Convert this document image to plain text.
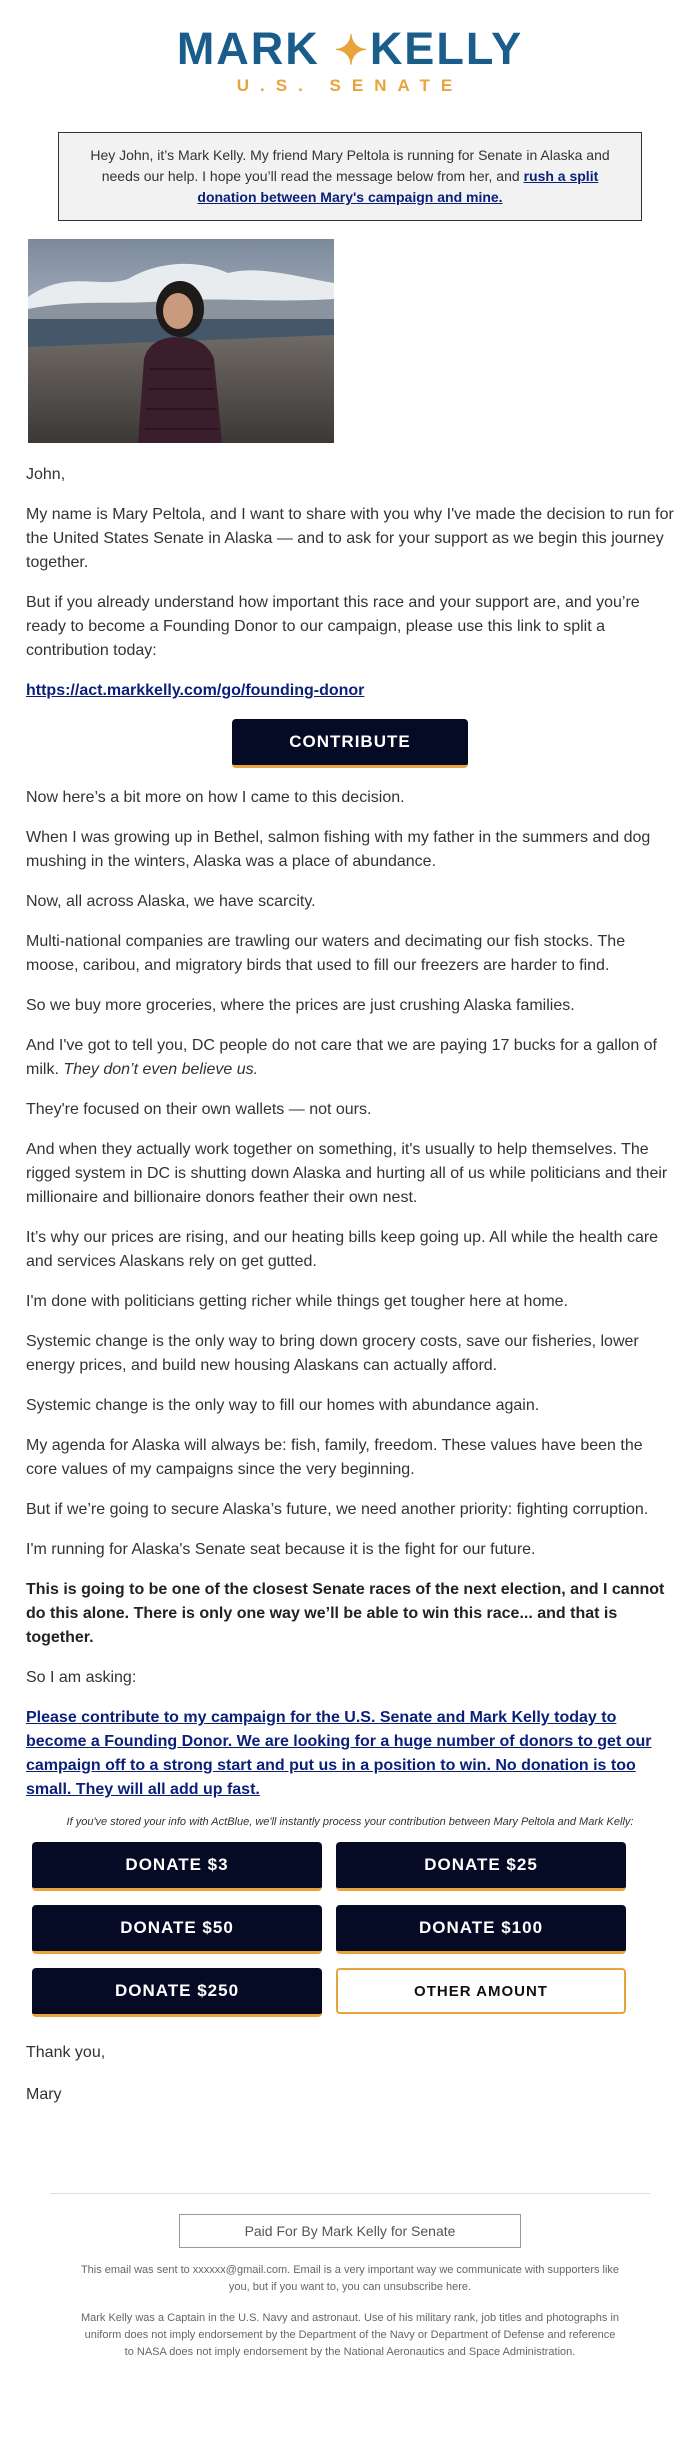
MARK ✦KELLY
U.S. SENATE
Hey John, it’s Mark Kelly. My friend Mary Peltola is running for Senate in Alaska and needs our help. I hope you’ll read the message below from her, and rush a split donation between Mary's campaign and mine.

John,

My name is Mary Peltola, and I want to share with you why I've made the decision to run for the United States Senate in Alaska — and to ask for your support as we begin this journey together.

But if you already understand how important this race and your support are, and you’re ready to become a Founding Donor to our campaign, please use this link to split a contribution today:

https://act.markkelly.com/go/founding-donor

CONTRIBUTE

Now here’s a bit more on how I came to this decision.

When I was growing up in Bethel, salmon fishing with my father in the summers and dog mushing in the winters, Alaska was a place of abundance.

Now, all across Alaska, we have scarcity.

Multi-national companies are trawling our waters and decimating our fish stocks. The moose, caribou, and migratory birds that used to fill our freezers are harder to find.

So we buy more groceries, where the prices are just crushing Alaska families.

And I've got to tell you, DC people do not care that we are paying 17 bucks for a gallon of milk. They don’t even believe us.

They're focused on their own wallets — not ours.

And when they actually work together on something, it's usually to help themselves. The rigged system in DC is shutting down Alaska and hurting all of us while politicians and their millionaire and billionaire donors feather their own nest.

It’s why our prices are rising, and our heating bills keep going up. All while the health care and services Alaskans rely on get gutted.

I'm done with politicians getting richer while things get tougher here at home.

Systemic change is the only way to bring down grocery costs, save our fisheries, lower energy prices, and build new housing Alaskans can actually afford.

Systemic change is the only way to fill our homes with abundance again.

My agenda for Alaska will always be: fish, family, freedom. These values have been the core values of my campaigns since the very beginning.

But if we’re going to secure Alaska’s future, we need another priority: fighting corruption.

I'm running for Alaska's Senate seat because it is the fight for our future.

This is going to be one of the closest Senate races of the next election, and I cannot do this alone. There is only one way we’ll be able to win this race... and that is together.

So I am asking:

Please contribute to my campaign for the U.S. Senate and Mark Kelly today to become a Founding Donor. We are looking for a huge number of donors to get our campaign off to a strong start and put us in a position to win. No donation is too small. They will all add up fast.

If you've stored your info with ActBlue, we'll instantly process your contribution between Mary Peltola and Mark Kelly:
DONATE $3	DONATE $25
DONATE $50	DONATE $100
DONATE $250	OTHER AMOUNT

Thank you,

Mary

Paid For By Mark Kelly for Senate
This email was sent to xxxxxx@gmail.com. Email is a very important way we communicate with supporters like you, but if you want to, you can unsubscribe here.
Mark Kelly was a Captain in the U.S. Navy and astronaut. Use of his military rank, job titles and photographs in uniform does not imply endorsement by the Department of the Navy or Department of Defense and reference to NASA does not imply endorsement by the National Aeronautics and Space Administration.
